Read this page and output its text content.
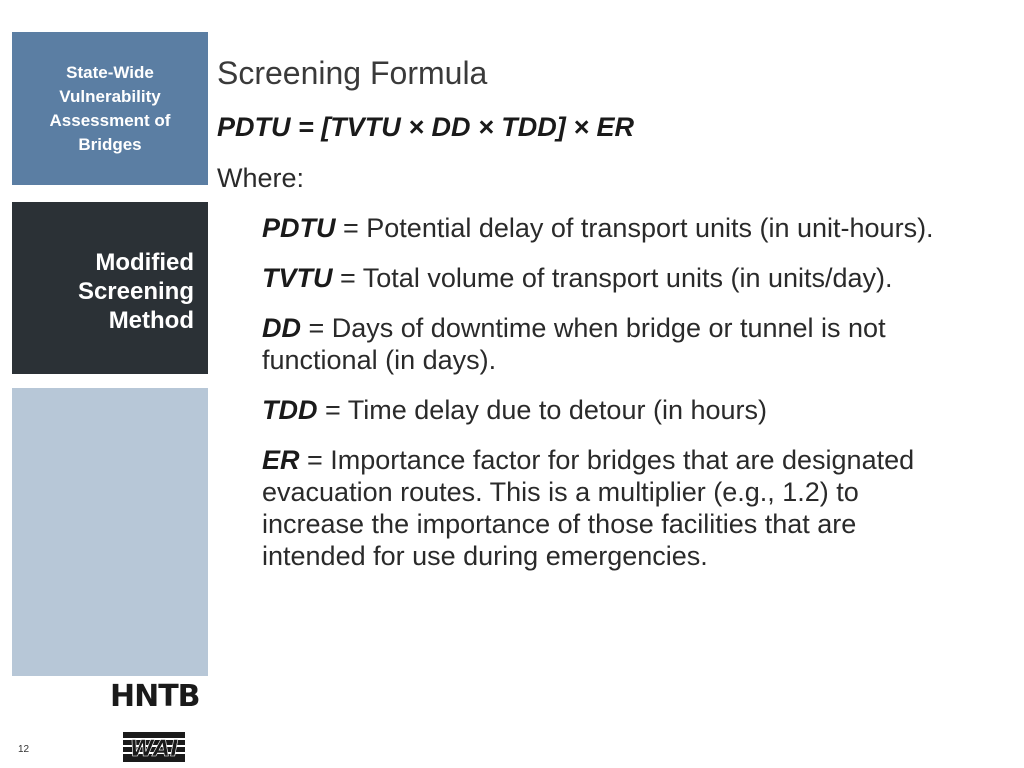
State-Wide Vulnerability Assessment of Bridges
Modified Screening Method
Screening Formula
PDTU = [TVTU × DD × TDD] × ER
Where:

PDTU = Potential delay of transport units (in unit-hours).

TVTU = Total volume of transport units (in units/day).

DD = Days of downtime when bridge or tunnel is not functional (in days).

TDD = Time delay due to detour (in hours)

ER = Importance factor for bridges that are designated evacuation routes. This is a multiplier (e.g., 1.2) to increase the importance of those facilities that are intended for use during emergencies.

HNTB
WAI
12
